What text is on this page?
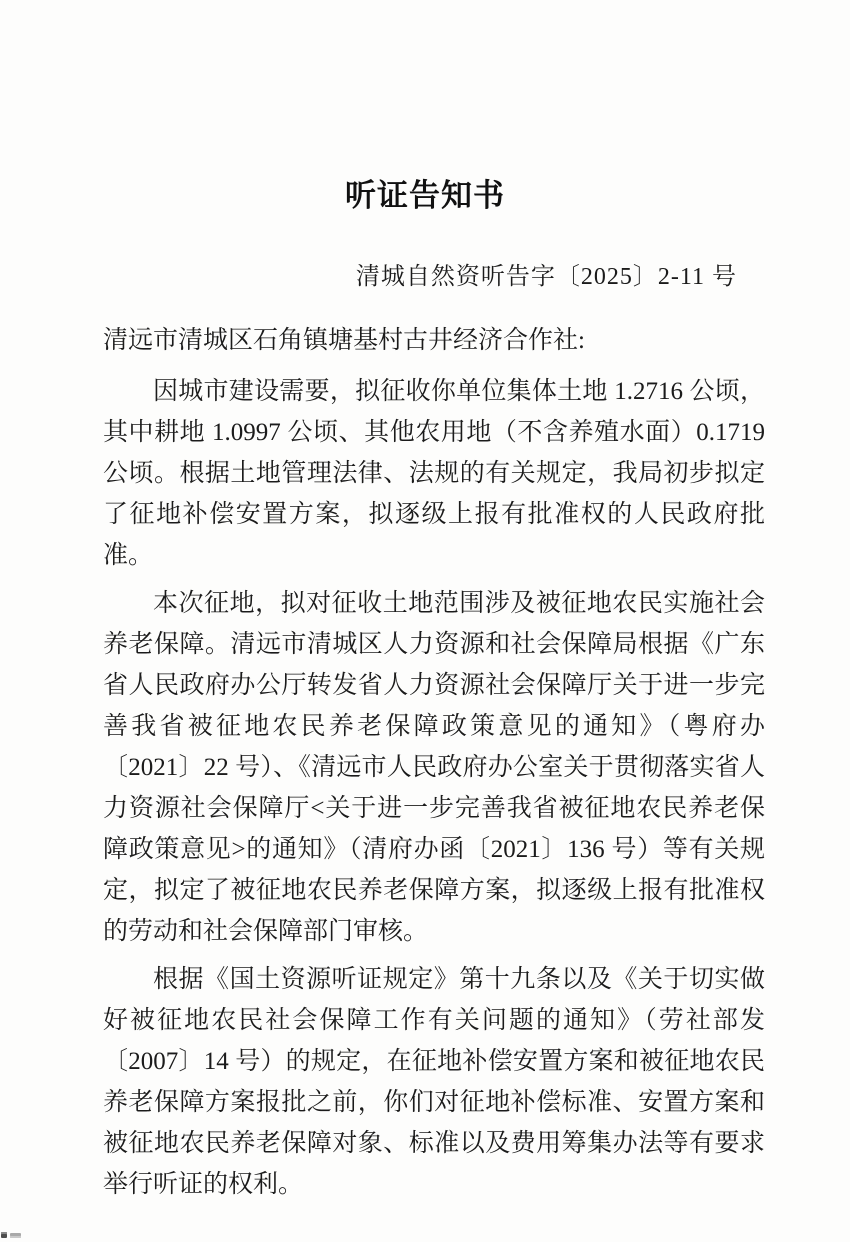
听证告知书
清城自然资听告字〔2025〕2-11 号
清远市清城区石角镇塘基村古井经济合作社:

因城市建设需要，拟征收你单位集体土地 1.2716 公顷，其中耕地 1.0997 公顷、其他农用地（不含养殖水面）0.1719 公顷。根据土地管理法律、法规的有关规定，我局初步拟定了征地补偿安置方案，拟逐级上报有批准权的人民政府批准。

本次征地，拟对征收土地范围涉及被征地农民实施社会养老保障。清远市清城区人力资源和社会保障局根据《广东省人民政府办公厅转发省人力资源社会保障厅关于进一步完善我省被征地农民养老保障政策意见的通知》（粤府办〔2021〕22 号）、《清远市人民政府办公室关于贯彻落实省人力资源社会保障厅<关于进一步完善我省被征地农民养老保障政策意见>的通知》（清府办函〔2021〕136 号）等有关规定，拟定了被征地农民养老保障方案，拟逐级上报有批准权的劳动和社会保障部门审核。

根据《国土资源听证规定》第十九条以及《关于切实做好被征地农民社会保障工作有关问题的通知》（劳社部发〔2007〕14 号）的规定，在征地补偿安置方案和被征地农民养老保障方案报批之前，你们对征地补偿标准、安置方案和被征地农民养老保障对象、标准以及费用筹集办法等有要求举行听证的权利。
